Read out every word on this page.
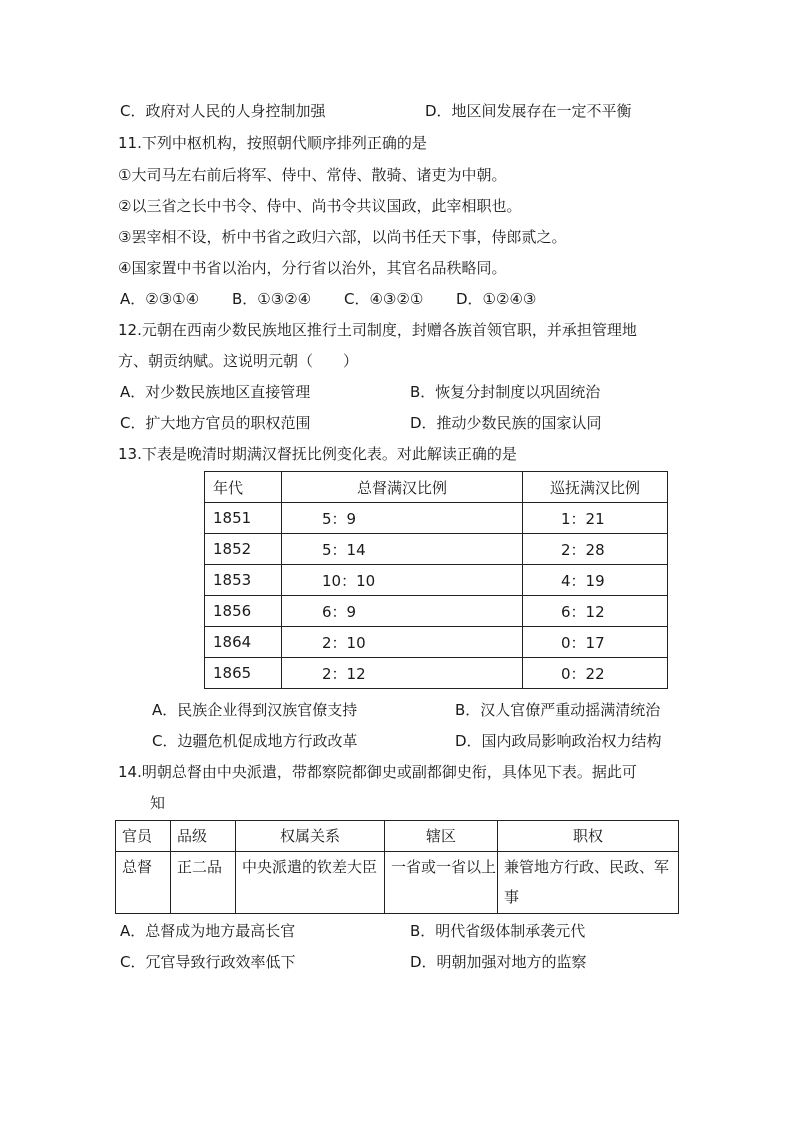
C．政府对人民的人身控制加强	D．地区间发展存在一定不平衡
11.下列中枢机构，按照朝代顺序排列正确的是
①大司马左右前后将军、侍中、常侍、散骑、诸吏为中朝。
②以三省之长中书令、侍中、尚书令共议国政，此宰相职也。
③罢宰相不设，析中书省之政归六部，以尚书任天下事，侍郎贰之。
④国家置中书省以治内，分行省以治外，其官名品秩略同。
A．②③①④ B．①③②④ C．④③②① D．①②④③
12.元朝在西南少数民族地区推行土司制度，封赠各族首领官职，并承担管理地
方、朝贡纳赋。这说明元朝（　　）
A．对少数民族地区直接管理	B．恢复分封制度以巩固统治
C．扩大地方官员的职权范围	D．推动少数民族的国家认同
13.下表是晚清时期满汉督抚比例变化表。对此解读正确的是
年代	总督满汉比例	巡抚满汉比例
1851	5：9	1：21
1852	5：14	2：28
1853	10：10	4：19
1856	6：9	6：12
1864	2：10	0：17
1865	2：12	0：22
A．民族企业得到汉族官僚支持	B．汉人官僚严重动摇满清统治
C．边疆危机促成地方行政改革	D．国内政局影响政治权力结构
14.明朝总督由中央派遣，带都察院都御史或副都御史衔，具体见下表。据此可
知
官员	品级	权属关系	辖区	职权
总督	正二品	中央派遣的钦差大臣	一省或一省以上	兼管地方行政、民政、军事
A．总督成为地方最高长官	B．明代省级体制承袭元代
C．冗官导致行政效率低下	D．明朝加强对地方的监察
